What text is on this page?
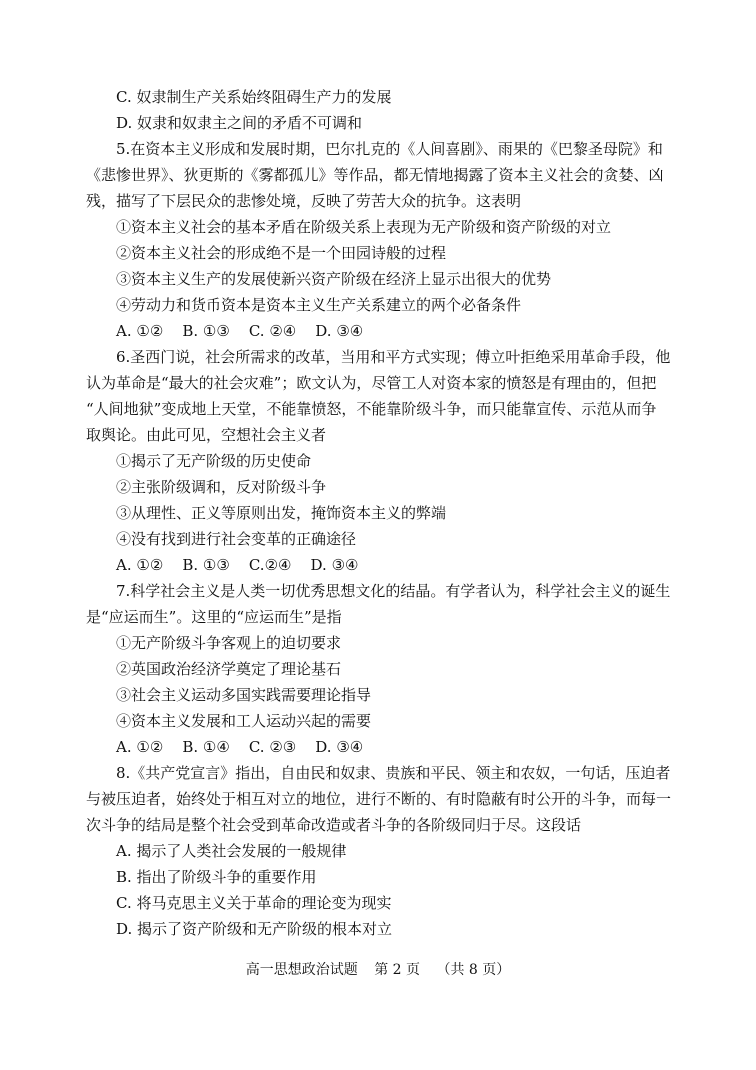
C. 奴隶制生产关系始终阻碍生产力的发展
D. 奴隶和奴隶主之间的矛盾不可调和
5.在资本主义形成和发展时期，巴尔扎克的《人间喜剧》、雨果的《巴黎圣母院》和
《悲惨世界》、狄更斯的《雾都孤儿》等作品，都无情地揭露了资本主义社会的贪婪、凶
残，描写了下层民众的悲惨处境，反映了劳苦大众的抗争。这表明
①资本主义社会的基本矛盾在阶级关系上表现为无产阶级和资产阶级的对立
②资本主义社会的形成绝不是一个田园诗般的过程
③资本主义生产的发展使新兴资产阶级在经济上显示出很大的优势
④劳动力和货币资本是资本主义生产关系建立的两个必备条件
A. ①②    B. ①③    C. ②④    D. ③④
6.圣西门说，社会所需求的改革，当用和平方式实现；傅立叶拒绝采用革命手段，他
认为革命是“最大的社会灾难”；欧文认为，尽管工人对资本家的愤怒是有理由的，但把
“人间地狱”变成地上天堂，不能靠愤怒，不能靠阶级斗争，而只能靠宣传、示范从而争
取舆论。由此可见，空想社会主义者
①揭示了无产阶级的历史使命
②主张阶级调和，反对阶级斗争
③从理性、正义等原则出发，掩饰资本主义的弊端
④没有找到进行社会变革的正确途径
A. ①②    B. ①③    C.②④    D. ③④
7.科学社会主义是人类一切优秀思想文化的结晶。有学者认为，科学社会主义的诞生
是“应运而生”。这里的“应运而生”是指
①无产阶级斗争客观上的迫切要求
②英国政治经济学奠定了理论基石
③社会主义运动多国实践需要理论指导
④资本主义发展和工人运动兴起的需要
A. ①②    B. ①④    C. ②③    D. ③④
8.《共产党宣言》指出，自由民和奴隶、贵族和平民、领主和农奴，一句话，压迫者
与被压迫者，始终处于相互对立的地位，进行不断的、有时隐蔽有时公开的斗争，而每一
次斗争的结局是整个社会受到革命改造或者斗争的各阶级同归于尽。这段话
A. 揭示了人类社会发展的一般规律
B. 指出了阶级斗争的重要作用
C. 将马克思主义关于革命的理论变为现实
D. 揭示了资产阶级和无产阶级的根本对立
高一思想政治试题 第 2 页 （共 8 页）
